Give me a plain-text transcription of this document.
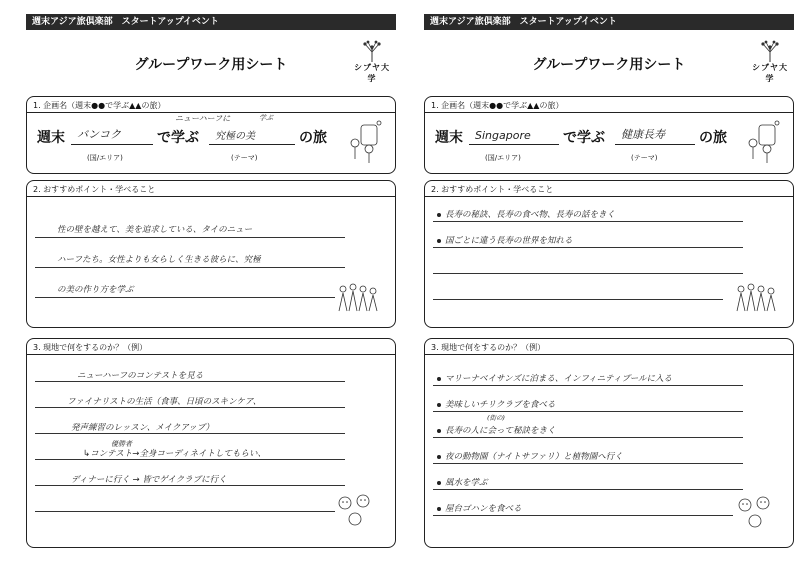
週末アジア旅倶楽部　スタートアップイベント
シブヤ大学
グループワーク用シート
1. 企画名（週末●●で学ぶ▲▲の旅）
ニューハーフに	学ぶ
週末 バンコク	で学ぶ 究極の美	の旅
(国/エリア)	(テーマ)
2. おすすめポイント・学べること
性の壁を越えて、美を追求している、タイのニュー
ハーフたち。女性よりも女らしく生きる彼らに、究極
の美の作り方を学ぶ
3. 現地で何をするのか？（例）
ニューハーフのコンテストを見る
ファイナリストの生活（食事、日頃のスキンケア、
発声練習のレッスン、メイクアップ）
優勝者
↳コンテスト→全身コーディネイトしてもらい、
ディナーに行く → 皆でゲイクラブに行く
週末アジア旅倶楽部　スタートアップイベント
シブヤ大学
グループワーク用シート
1. 企画名（週末●●で学ぶ▲▲の旅）
週末 Singapore で学ぶ 健康長寿 の旅
(国/エリア)	(テーマ)
2. おすすめポイント・学べること
長寿の秘訣、長寿の食べ物、長寿の話をきく
国ごとに違う長寿の世界を知れる
3. 現地で何をするのか？（例）
マリーナベイサンズに泊まる、インフィニティプールに入る
美味しいチリクラブを食べる
(街の)
長寿の人に会って秘訣をきく
夜の動物園（ナイトサファリ）と植物園へ行く
風水を学ぶ
屋台ゴハンを食べる
